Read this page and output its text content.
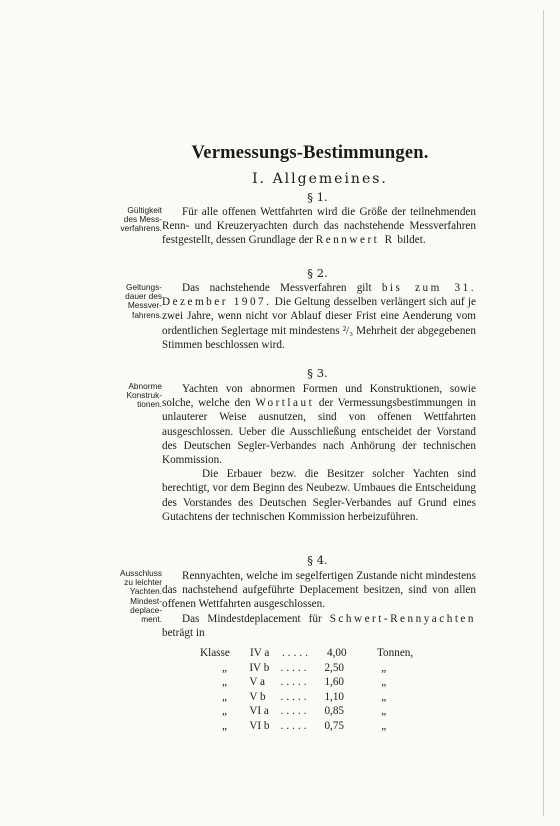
Vermessungs-Bestimmungen.
I. Allgemeines.
§ 1.
Gültigkeit
des Mess-
verfahrens.
Für alle offenen Wettfahrten wird die Größe der teilnehmenden Renn- und Kreuzeryachten durch das nachstehende Messverfahren festgestellt, dessen Grundlage der Rennwert R bildet.
§ 2.
Geltungs-
dauer des
Messver-
fahrens.
Das nachstehende Messverfahren gilt bis zum 31. Dezember 1907. Die Geltung desselben verlängert sich auf je zwei Jahre, wenn nicht vor Ablauf dieser Frist eine Aenderung vom ordentlichen Seglertage mit mindestens ²/₃ Mehrheit der abgegebenen Stimmen beschlossen wird.
§ 3.
Abnorme
Konstruk-
tionen.
Yachten von abnormen Formen und Konstruktionen, sowie solche, welche den Wortlaut der Vermessungsbestimmungen in unlauterer Weise ausnutzen, sind von offenen Wettfahrten ausgeschlossen. Ueber die Ausschließung entscheidet der Vorstand des Deutschen Segler-Verbandes nach Anhörung der technischen Kommission.
Die Erbauer bezw. die Besitzer solcher Yachten sind berechtigt, vor dem Beginn des Neubezw. Umbaues die Entscheidung des Vorstandes des Deutschen Segler-Verbandes auf Grund eines Gutachtens der technischen Kommission herbeizuführen.
§ 4.
Ausschluss
zu leichter
Yachten.
Mindest-
deplace-
ment.
Rennyachten, welche im segelfertigen Zustande nicht mindestens das nachstehend aufgeführte Deplacement besitzen, sind von allen offenen Wettfahrten ausgeschlossen.
Das Mindestdeplacement für Schwert-Rennyachten beträgt in
Klasse	IV a	.....	4,00	Tonnen,
„	IV b	.....	2,50	„
„	V a	.....	1,60	„
„	V b	.....	1,10	„
„	VI a	.....	0,85	„
„	VI b .....	0,75	„
